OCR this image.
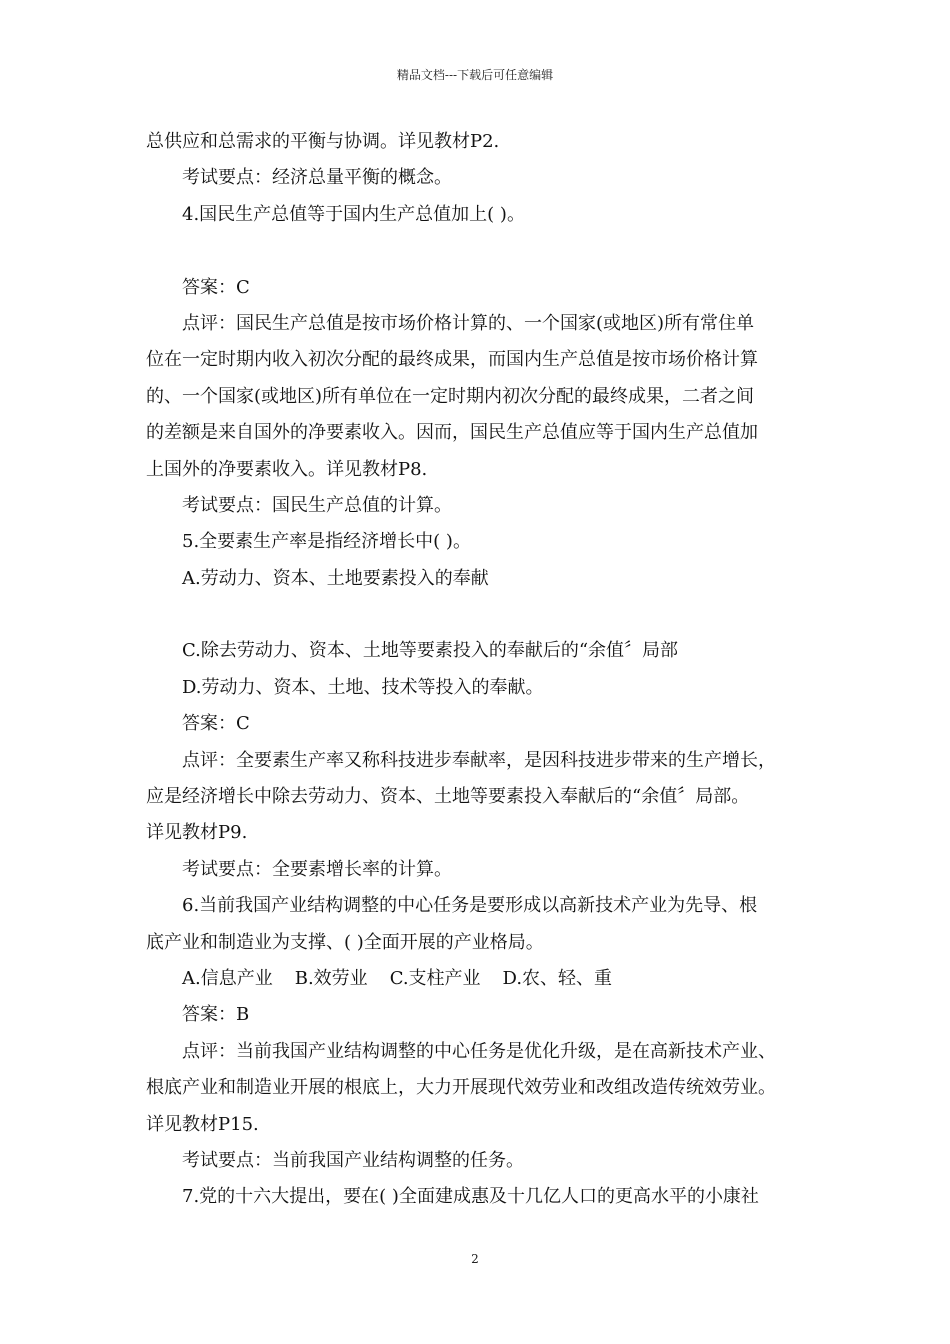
精品文档---下载后可任意编辑
总供应和总需求的平衡与协调。详见教材P2.
考试要点：经济总量平衡的概念。
4.国民生产总值等于国内生产总值加上( )。
答案：C
点评：国民生产总值是按市场价格计算的、一个国家(或地区)所有常住单
位在一定时期内收入初次分配的最终成果，而国内生产总值是按市场价格计算
的、一个国家(或地区)所有单位在一定时期内初次分配的最终成果，二者之间
的差额是来自国外的净要素收入。因而，国民生产总值应等于国内生产总值加
上国外的净要素收入。详见教材P8.
考试要点：国民生产总值的计算。
5.全要素生产率是指经济增长中( )。
A.劳动力、资本、土地要素投入的奉献
C.除去劳动力、资本、土地等要素投入的奉献后的“余值〞局部
D.劳动力、资本、土地、技术等投入的奉献。
答案：C
点评：全要素生产率又称科技进步奉献率，是因科技进步带来的生产增长，
应是经济增长中除去劳动力、资本、土地等要素投入奉献后的“余值〞局部。
详见教材P9.
考试要点：全要素增长率的计算。
6.当前我国产业结构调整的中心任务是要形成以高新技术产业为先导、根
底产业和制造业为支撑、( )全面开展的产业格局。
A.信息产业 B.效劳业 C.支柱产业 D.农、轻、重
答案：B
点评：当前我国产业结构调整的中心任务是优化升级，是在高新技术产业、
根底产业和制造业开展的根底上，大力开展现代效劳业和改组改造传统效劳业。
详见教材P15.
考试要点：当前我国产业结构调整的任务。
7.党的十六大提出，要在( )全面建成惠及十几亿人口的更高水平的小康社
2
